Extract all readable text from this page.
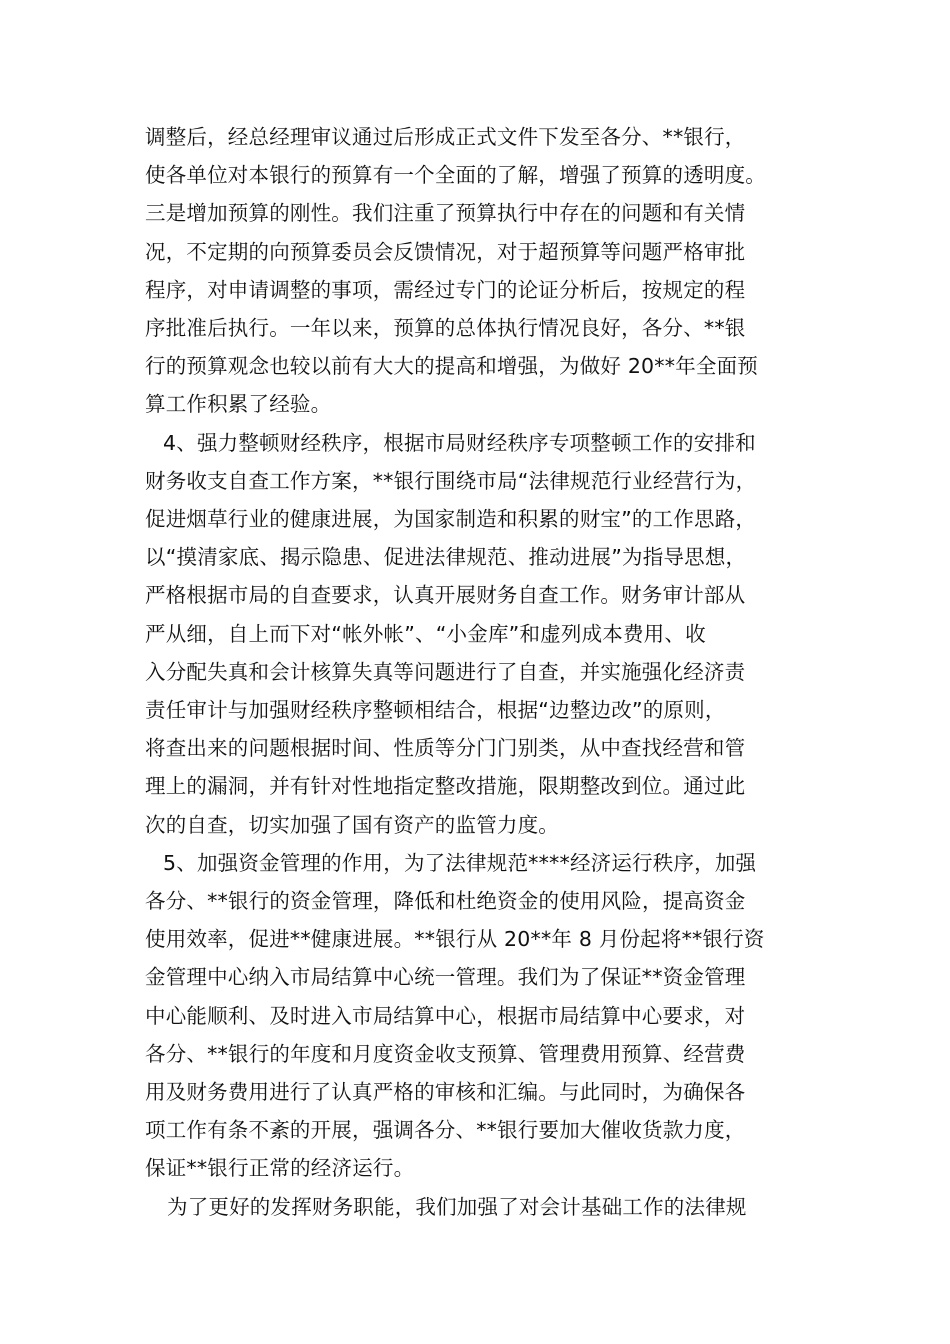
调整后，经总经理审议通过后形成正式文件下发至各分、**银行，
使各单位对本银行的预算有一个全面的了解，增强了预算的透明度。
三是增加预算的刚性。我们注重了预算执行中存在的问题和有关情
况，不定期的向预算委员会反馈情况，对于超预算等问题严格审批
程序，对申请调整的事项，需经过专门的论证分析后，按规定的程
序批准后执行。一年以来，预算的总体执行情况良好，各分、**银
行的预算观念也较以前有大大的提高和增强，为做好 20**年全面预
算工作积累了经验。
4、强力整顿财经秩序，根据市局财经秩序专项整顿工作的安排和
财务收支自查工作方案，**银行围绕市局“法律规范行业经营行为，
促进烟草行业的健康进展，为国家制造和积累的财宝”的工作思路，
以“摸清家底、揭示隐患、促进法律规范、推动进展”为指导思想，
严格根据市局的自查要求，认真开展财务自查工作。财务审计部从
严从细，自上而下对“帐外帐”、“小金库”和虚列成本费用、收
入分配失真和会计核算失真等问题进行了自查，并实施强化经济责
责任审计与加强财经秩序整顿相结合，根据“边整边改”的原则，
将查出来的问题根据时间、性质等分门门别类，从中查找经营和管
理上的漏洞，并有针对性地指定整改措施，限期整改到位。通过此
次的自查，切实加强了国有资产的监管力度。
5、加强资金管理的作用，为了法律规范****经济运行秩序，加强
各分、**银行的资金管理，降低和杜绝资金的使用风险，提高资金
使用效率，促进**健康进展。**银行从 20**年 8 月份起将**银行资
金管理中心纳入市局结算中心统一管理。我们为了保证**资金管理
中心能顺利、及时进入市局结算中心，根据市局结算中心要求，对
各分、**银行的年度和月度资金收支预算、管理费用预算、经营费
用及财务费用进行了认真严格的审核和汇编。与此同时，为确保各
项工作有条不紊的开展，强调各分、**银行要加大催收货款力度，
保证**银行正常的经济运行。
为了更好的发挥财务职能，我们加强了对会计基础工作的法律规
